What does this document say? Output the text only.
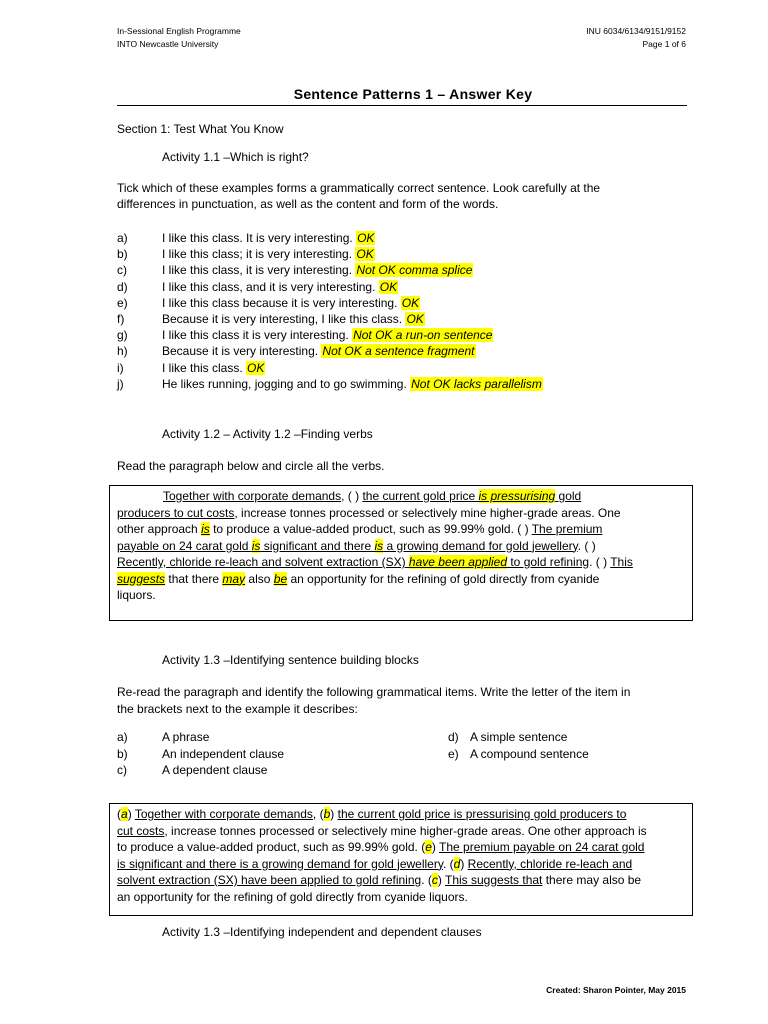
In-Sessional English Programme
INTO Newcastle University
INU 6034/6134/9151/9152
Page 1 of 6
Sentence Patterns 1 – Answer Key
Section 1: Test What You Know
Activity 1.1 –Which is right?
Tick which of these examples forms a grammatically correct sentence. Look carefully at the
differences in punctuation, as well as the content and form of the words.
a)	I like this class. It is very interesting. OK
b)	I like this class; it is very interesting. OK
c)	I like this class, it is very interesting. Not OK comma splice
d)	I like this class, and it is very interesting. OK
e)	I like this class because it is very interesting. OK
f)	Because it is very interesting, I like this class. OK
g)	I like this class it is very interesting. Not OK a run-on sentence
h)	Because it is very interesting. Not OK a sentence fragment
i)	I like this class. OK
j)	He likes running, jogging and to go swimming. Not OK lacks parallelism
Activity 1.2 – Activity 1.2 –Finding verbs
Read the paragraph below and circle all the verbs.
Together with corporate demands, ( ) the current gold price is pressurising gold
producers to cut costs, increase tonnes processed or selectively mine higher-grade areas. One
other approach is to produce a value-added product, such as 99.99% gold. ( ) The premium
payable on 24 carat gold is significant and there is a growing demand for gold jewellery. ( )
Recently, chloride re-leach and solvent extraction (SX) have been applied to gold refining. ( ) This
suggests that there may also be an opportunity for the refining of gold directly from cyanide
liquors.
Activity 1.3 –Identifying sentence building blocks
Re-read the paragraph and identify the following grammatical items. Write the letter of the item in
the brackets next to the example it describes:
a)	A phrase
b)	An independent clause
c)	A dependent clause
d) A simple sentence
e) A compound sentence
(a) Together with corporate demands, (b) the current gold price is pressurising gold producers to
cut costs, increase tonnes processed or selectively mine higher-grade areas. One other approach is
to produce a value-added product, such as 99.99% gold. (e) The premium payable on 24 carat gold
is significant and there is a growing demand for gold jewellery. (d) Recently, chloride re-leach and
solvent extraction (SX) have been applied to gold refining. (c) This suggests that there may also be
an opportunity for the refining of gold directly from cyanide liquors.
Activity 1.3 –Identifying independent and dependent clauses
Created: Sharon Pointer, May 2015
